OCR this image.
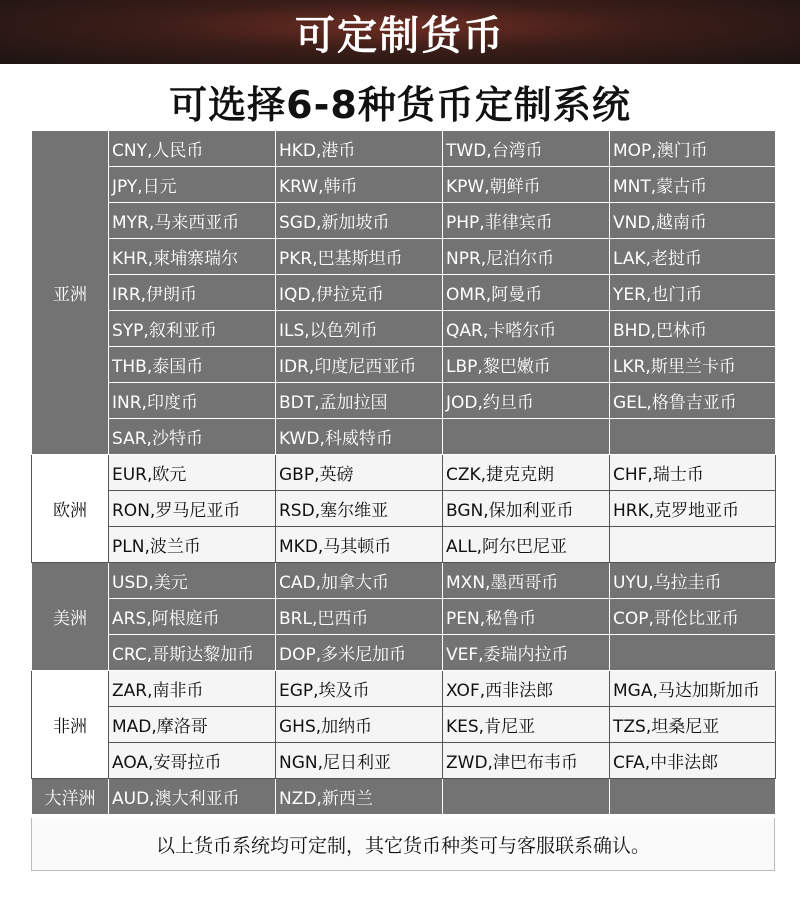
可定制货币
可选择6-8种货币定制系统
亚洲	CNY,人民币	HKD,港币	TWD,台湾币	MOP,澳门币
	JPY,日元	KRW,韩币	KPW,朝鲜币	MNT,蒙古币
	MYR,马来西亚币	SGD,新加坡币	PHP,菲律宾币	VND,越南币
	KHR,柬埔寨瑞尔	PKR,巴基斯坦币	NPR,尼泊尔币	LAK,老挝币
	IRR,伊朗币	IQD,伊拉克币	OMR,阿曼币	YER,也门币
	SYP,叙利亚币	ILS,以色列币	QAR,卡嗒尔币	BHD,巴林币
	THB,泰国币	IDR,印度尼西亚币	LBP,黎巴嫩币	LKR,斯里兰卡币
	INR,印度币	BDT,孟加拉国	JOD,约旦币	GEL,格鲁吉亚币
	SAR,沙特币	KWD,科威特币		
欧洲	EUR,欧元	GBP,英磅	CZK,捷克克朗	CHF,瑞士币
	RON,罗马尼亚币	RSD,塞尔维亚	BGN,保加利亚币	HRK,克罗地亚币
	PLN,波兰币	MKD,马其顿币	ALL,阿尔巴尼亚	
美洲	USD,美元	CAD,加拿大币	MXN,墨西哥币	UYU,乌拉圭币
	ARS,阿根庭币	BRL,巴西币	PEN,秘鲁币	COP,哥伦比亚币
	CRC,哥斯达黎加币	DOP,多米尼加币	VEF,委瑞内拉币	
非洲	ZAR,南非币	EGP,埃及币	XOF,西非法郎	MGA,马达加斯加币
	MAD,摩洛哥	GHS,加纳币	KES,肯尼亚	TZS,坦桑尼亚
	AOA,安哥拉币	NGN,尼日利亚	ZWD,津巴布韦币	CFA,中非法郎
大洋洲	AUD,澳大利亚币	NZD,新西兰		
以上货币系统均可定制，其它货币种类可与客服联系确认。
